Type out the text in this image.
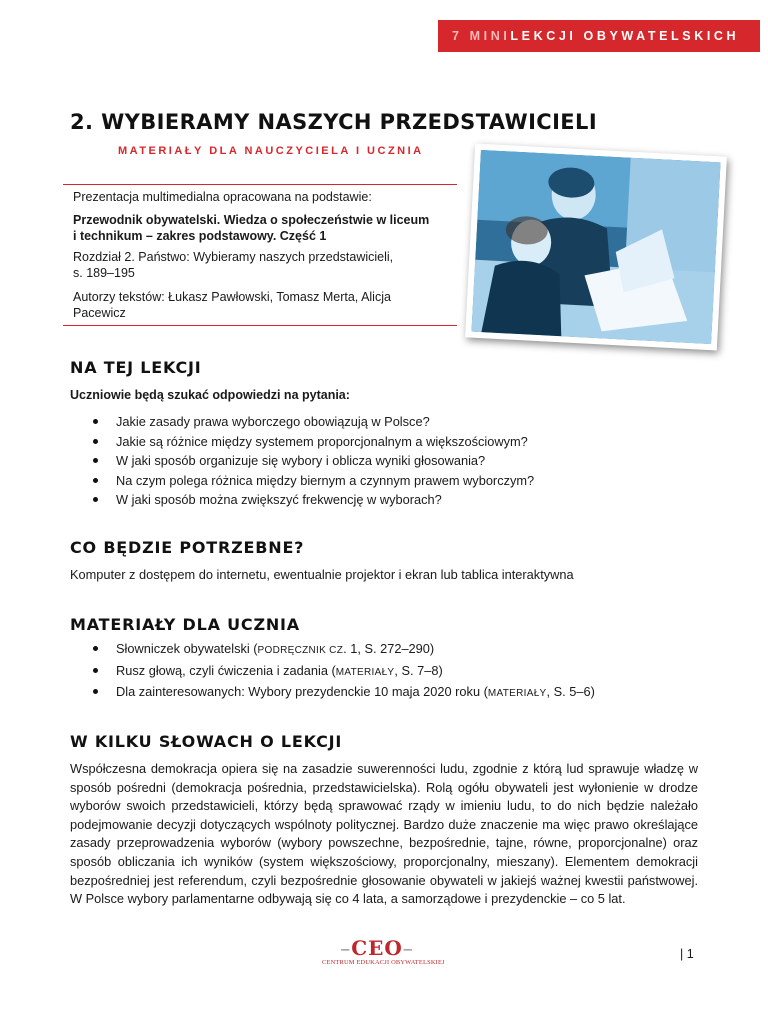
7 MINILEKCJI OBYWATELSKICH
2. WYBIERAMY NASZYCH PRZEDSTAWICIELI
MATERIAŁY DLA NAUCZYCIELA I UCZNIA

Prezentacja multimedialna opracowana na podstawie:

Przewodnik obywatelski. Wiedza o społeczeństwie w liceum

i technikum – zakres podstawowy. Część 1

Rozdział 2. Państwo: Wybieramy naszych przedstawicieli,

s. 189–195

Autorzy tekstów: Łukasz Pawłowski, Tomasz Merta, Alicja

Pacewicz

NA TEJ LEKCJI
Uczniowie będą szukać odpowiedzi na pytania:
Jakie zasady prawa wyborczego obowiązują w Polsce?
Jakie są różnice między systemem proporcjonalnym a większościowym?
W jaki sposób organizuje się wybory i oblicza wyniki głosowania?
Na czym polega różnica między biernym a czynnym prawem wyborczym?
W jaki sposób można zwiększyć frekwencję w wyborach?
CO BĘDZIE POTRZEBNE?
Komputer z dostępem do internetu, ewentualnie projektor i ekran lub tablica interaktywna
MATERIAŁY DLA UCZNIA
Słowniczek obywatelski (PODRĘCZNIK CZ. 1, S. 272–290)
Rusz głową, czyli ćwiczenia i zadania (MATERIAŁY, S. 7–8)
Dla zainteresowanych: Wybory prezydenckie 10 maja 2020 roku (MATERIAŁY, S. 5–6)
W KILKU SŁOWACH O LEKCJI

Współczesna demokracja opiera się na zasadzie suwerenności ludu, zgodnie z którą lud sprawuje władzę w sposób pośredni (demokracja pośrednia, przedstawicielska). Rolą ogółu obywateli jest wyłonienie w drodze wyborów swoich przedstawicieli, którzy będą sprawować rządy w imieniu ludu, to do nich będzie należało podejmowanie decyzji dotyczących wspólnoty politycznej. Bardzo duże znaczenie ma więc prawo określające zasady przeprowadzenia wyborów (wybory powszechne, bezpośrednie, tajne, równe, proporcjonalne) oraz sposób obliczania ich wyników (system większościowy, proporcjonalny, mieszany). Elementem demokracji bezpośredniej jest referendum, czyli bezpośrednie głosowanie obywateli w jakiejś ważnej kwestii państwowej. W Polsce wybory parlamentarne odbywają się co 4 lata, a samorządowe i prezydenckie – co 5 lat.

–CEO–
CENTRUM EDUKACJI OBYWATELSKIEJ
| 1
